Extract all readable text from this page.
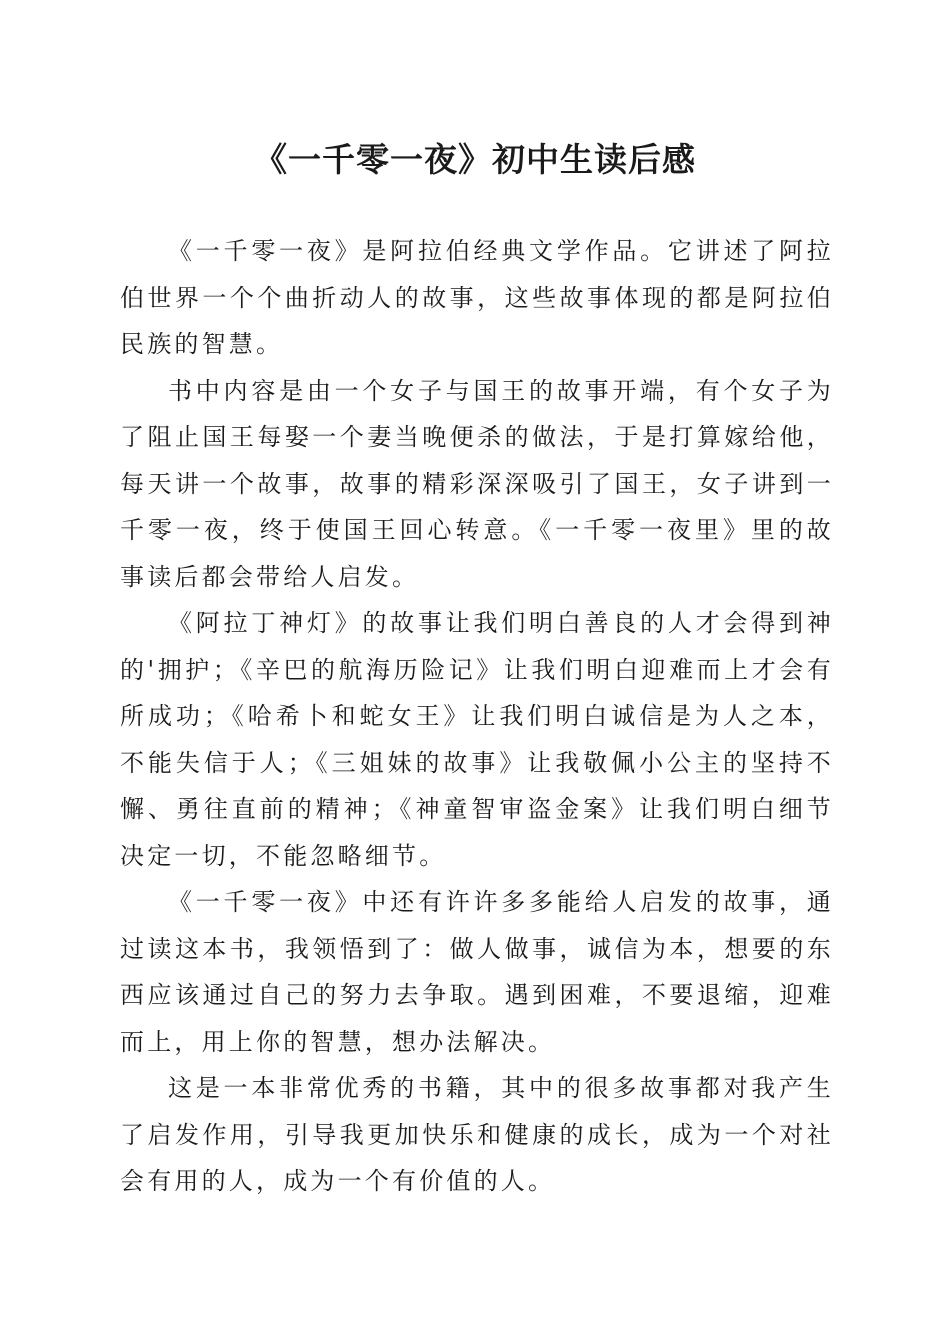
《一千零一夜》初中生读后感

《一千零一夜》是阿拉伯经典文学作品。它讲述了阿拉伯世界一个个曲折动人的故事，这些故事体现的都是阿拉伯民族的智慧。

书中内容是由一个女子与国王的故事开端，有个女子为了阻止国王每娶一个妻当晚便杀的做法，于是打算嫁给他，每天讲一个故事，故事的精彩深深吸引了国王，女子讲到一千零一夜，终于使国王回心转意。《一千零一夜里》里的故事读后都会带给人启发。

《阿拉丁神灯》的故事让我们明白善良的人才会得到神的'拥护；《辛巴的航海历险记》让我们明白迎难而上才会有所成功；《哈希卜和蛇女王》让我们明白诚信是为人之本，不能失信于人；《三姐妹的故事》让我敬佩小公主的坚持不懈、勇往直前的精神；《神童智审盗金案》让我们明白细节决定一切，不能忽略细节。

《一千零一夜》中还有许许多多能给人启发的故事，通过读这本书，我领悟到了：做人做事，诚信为本，想要的东西应该通过自己的努力去争取。遇到困难，不要退缩，迎难而上，用上你的智慧，想办法解决。

这是一本非常优秀的书籍，其中的很多故事都对我产生了启发作用，引导我更加快乐和健康的成长，成为一个对社会有用的人，成为一个有价值的人。
